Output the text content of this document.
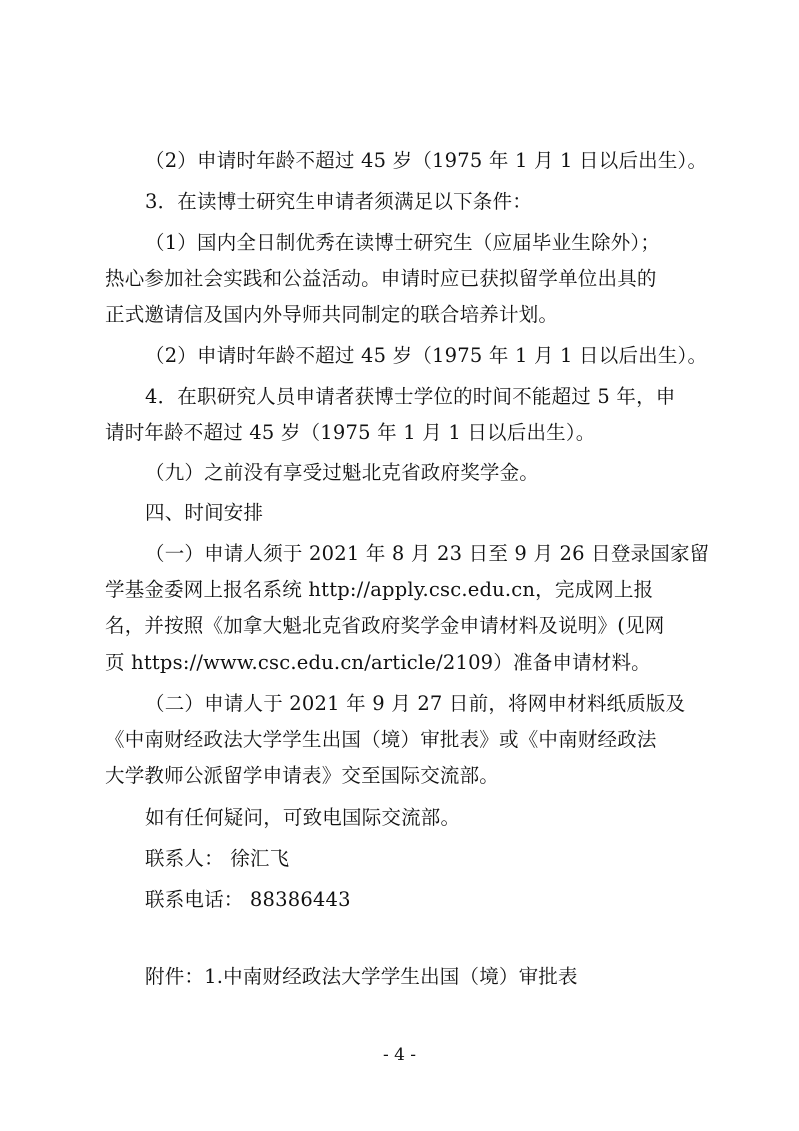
（2）申请时年龄不超过 45 岁（1975 年 1 月 1 日以后出生）。
3．在读博士研究生申请者须满足以下条件：
（1）国内全日制优秀在读博士研究生（应届毕业生除外）；
热心参加社会实践和公益活动。申请时应已获拟留学单位出具的
正式邀请信及国内外导师共同制定的联合培养计划。
（2）申请时年龄不超过 45 岁（1975 年 1 月 1 日以后出生）。
4．在职研究人员申请者获博士学位的时间不能超过 5 年，申
请时年龄不超过 45 岁（1975 年 1 月 1 日以后出生）。
（九）之前没有享受过魁北克省政府奖学金。
四、时间安排
（一）申请人须于 2021 年 8 月 23 日至 9 月 26 日登录国家留
学基金委网上报名系统 http://apply.csc.edu.cn，完成网上报
名，并按照《加拿大魁北克省政府奖学金申请材料及说明》(见网
页 https://www.csc.edu.cn/article/2109）准备申请材料。
（二）申请人于 2021 年 9 月 27 日前，将网申材料纸质版及
《中南财经政法大学学生出国（境）审批表》或《中南财经政法
大学教师公派留学申请表》交至国际交流部。
如有任何疑问，可致电国际交流部。
联系人： 徐汇飞
联系电话： 88386443
附件：1.中南财经政法大学学生出国（境）审批表
- 4 -
